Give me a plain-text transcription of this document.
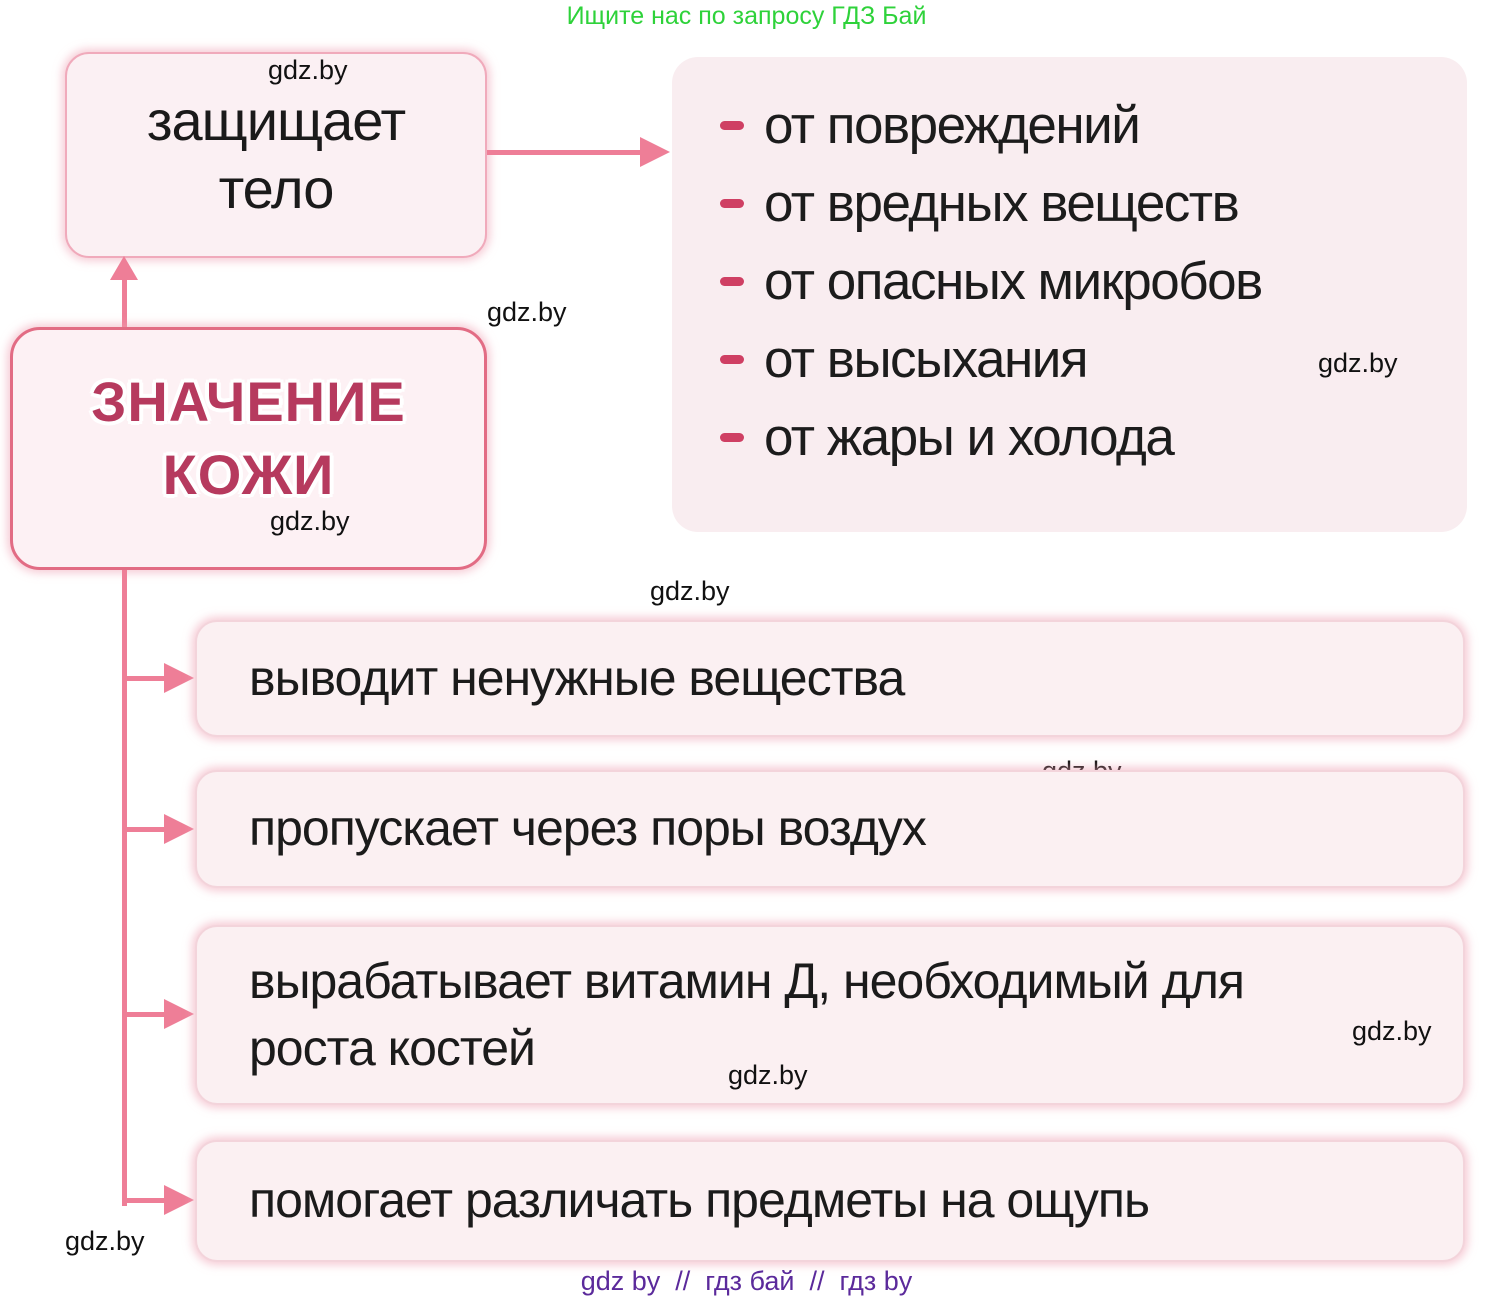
Ищите нас по запросу ГДЗ Бай
защищает тело
gdz.by
от повреждений
от вредных веществ
от опасных микробов
от высыхания
от жары и холода
gdz.by
gdz.by
ЗНАЧЕНИЕ КОЖИ
gdz.by
gdz.by
выводит ненужные вещества
пропускает через поры воздух
вырабатывает витамин Д, необходимый для роста костей	gdz.by
gdz.by
помогает различать предметы на ощупь
gdz.by
gdz by  //  гдз бай  //  гдз by
